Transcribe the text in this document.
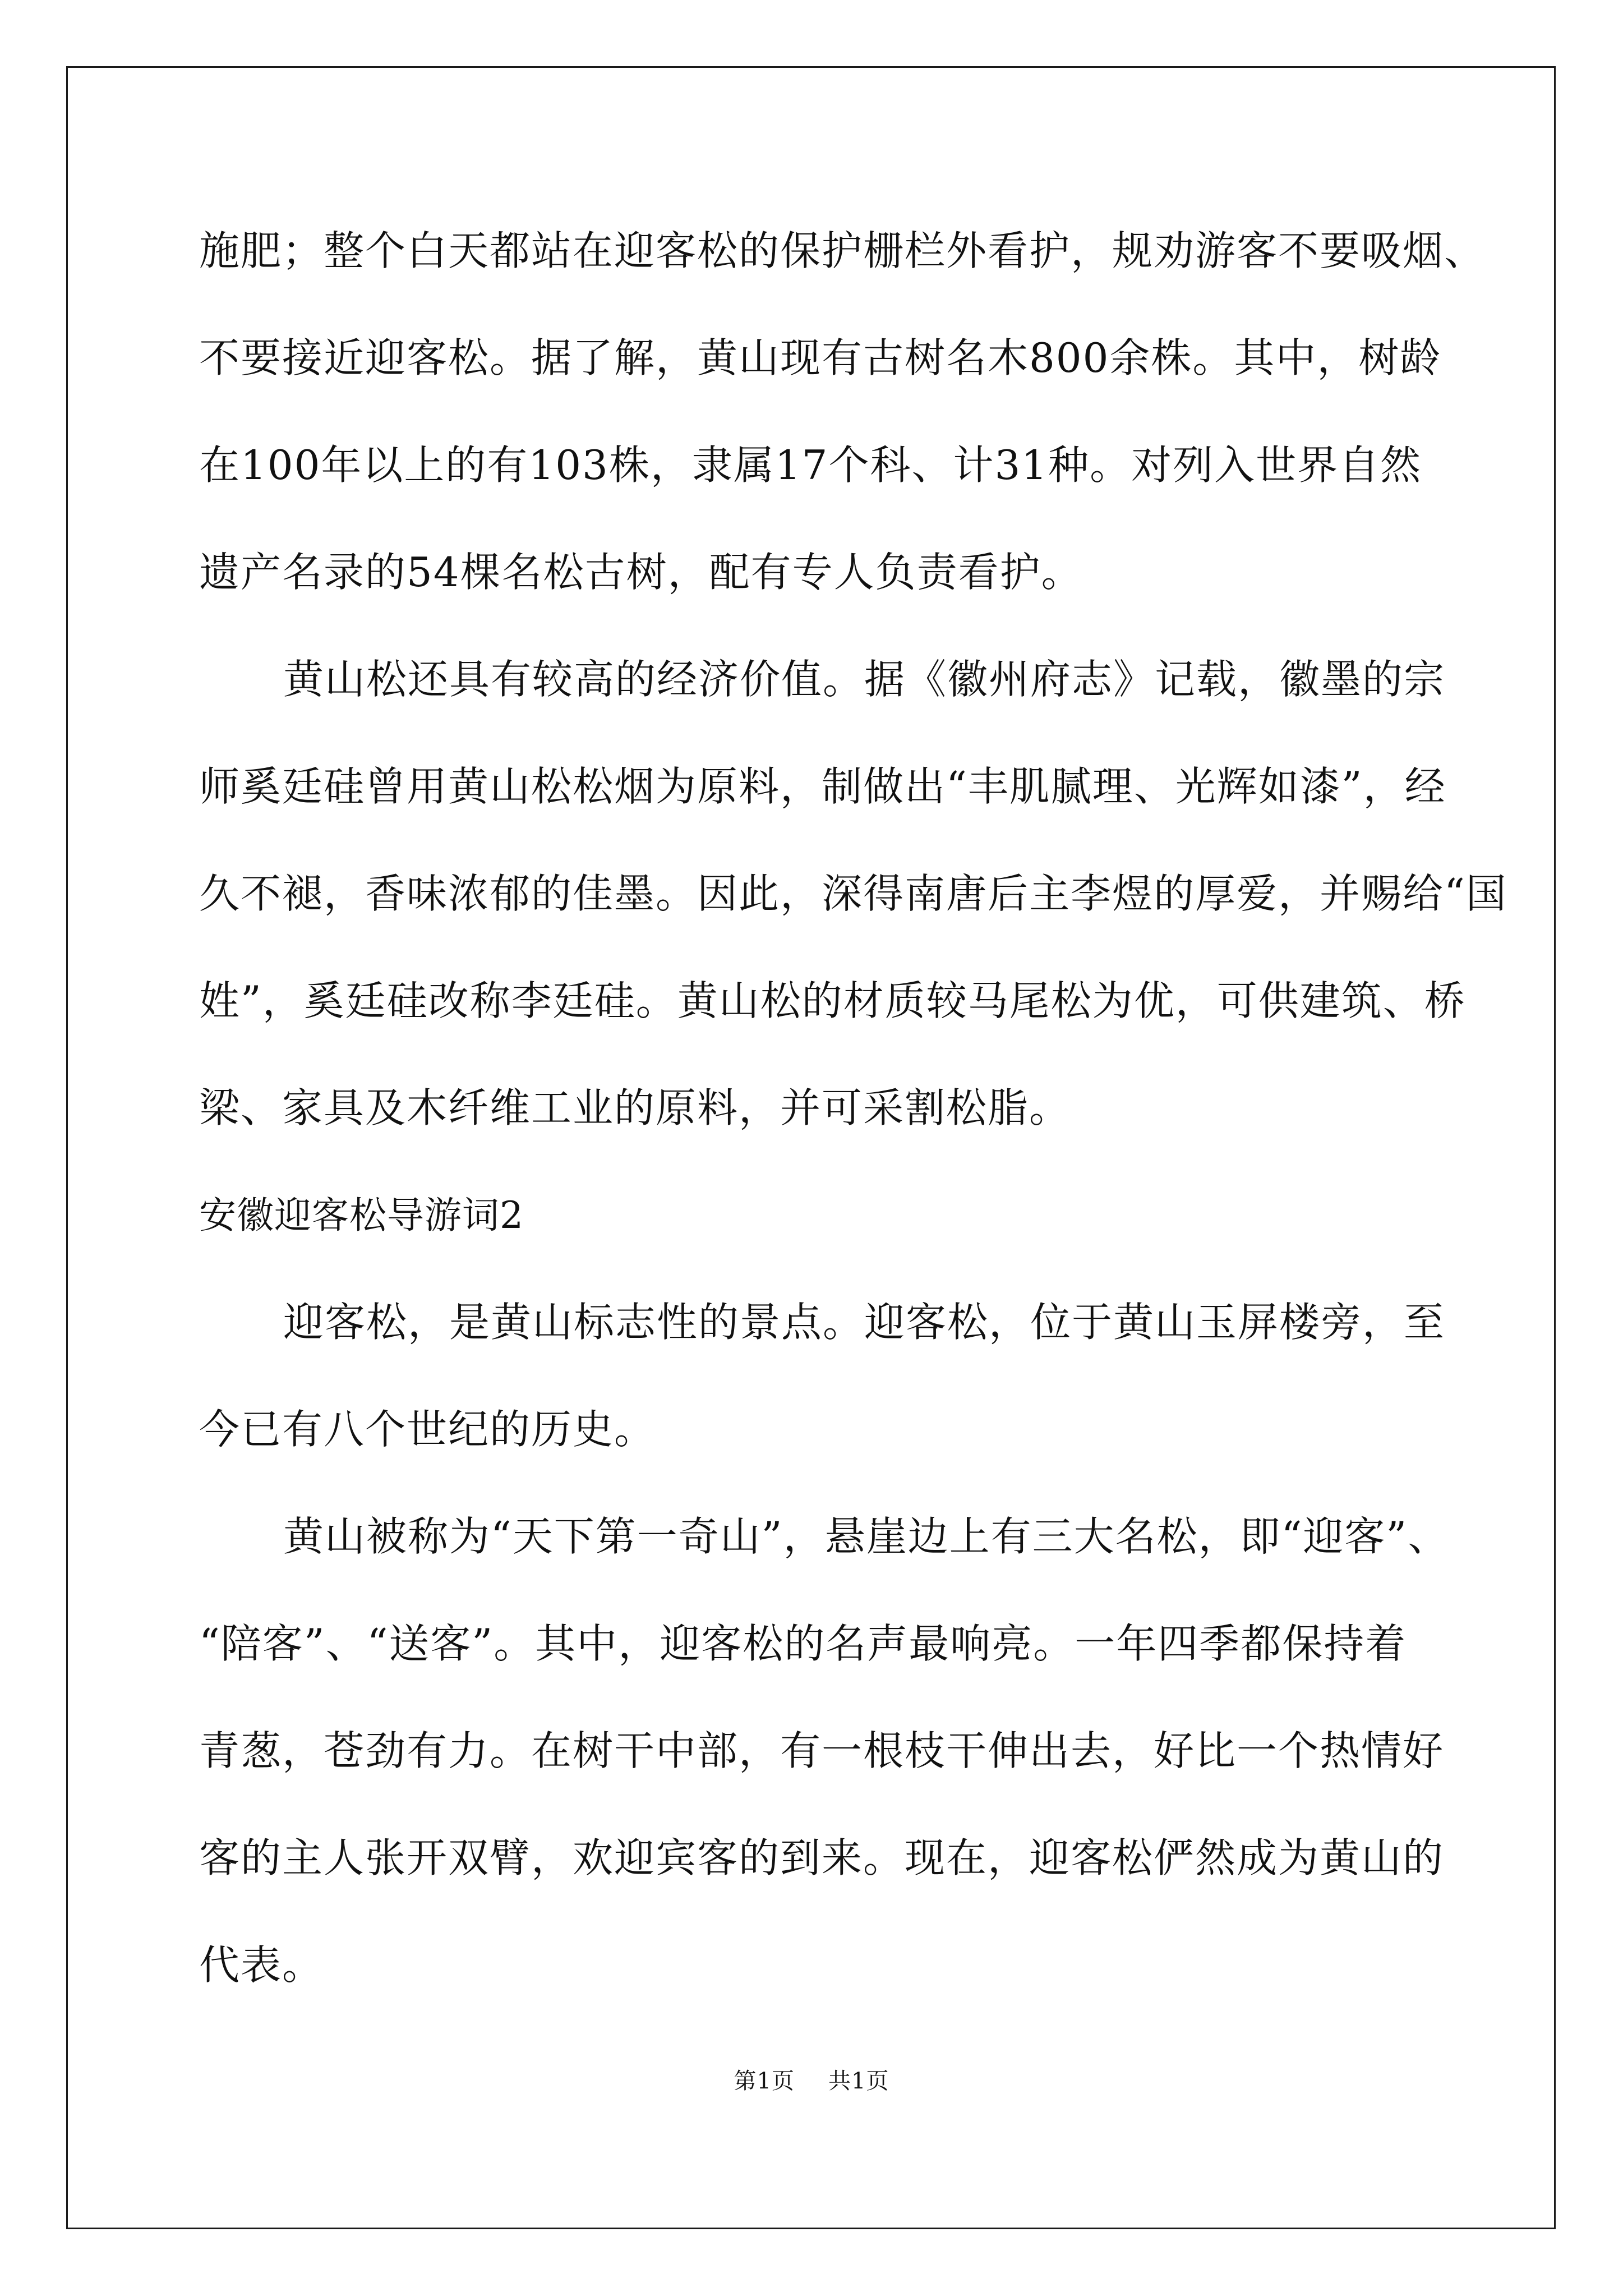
施肥；整个白天都站在迎客松的保护栅栏外看护，规劝游客不要吸烟、
不要接近迎客松。据了解，黄山现有古树名木800余株。其中，树龄
在100年以上的有103株，隶属17个科、计31种。对列入世界自然
遗产名录的54棵名松古树，配有专人负责看护。
黄山松还具有较高的经济价值。据《徽州府志》记载，徽墨的宗
师奚廷硅曾用黄山松松烟为原料，制做出“丰肌腻理、光辉如漆”，经
久不褪，香味浓郁的佳墨。因此，深得南唐后主李煜的厚爱，并赐给“国
姓”，奚廷硅改称李廷硅。黄山松的材质较马尾松为优，可供建筑、桥
梁、家具及木纤维工业的原料，并可采割松脂。
安徽迎客松导游词2
迎客松，是黄山标志性的景点。迎客松，位于黄山玉屏楼旁，至
今已有八个世纪的历史。
黄山被称为“天下第一奇山”，悬崖边上有三大名松，即“迎客”、
“陪客”、“送客”。其中，迎客松的名声最响亮。一年四季都保持着
青葱，苍劲有力。在树干中部，有一根枝干伸出去，好比一个热情好
客的主人张开双臂，欢迎宾客的到来。现在，迎客松俨然成为黄山的
代表。
第1页 共1页
